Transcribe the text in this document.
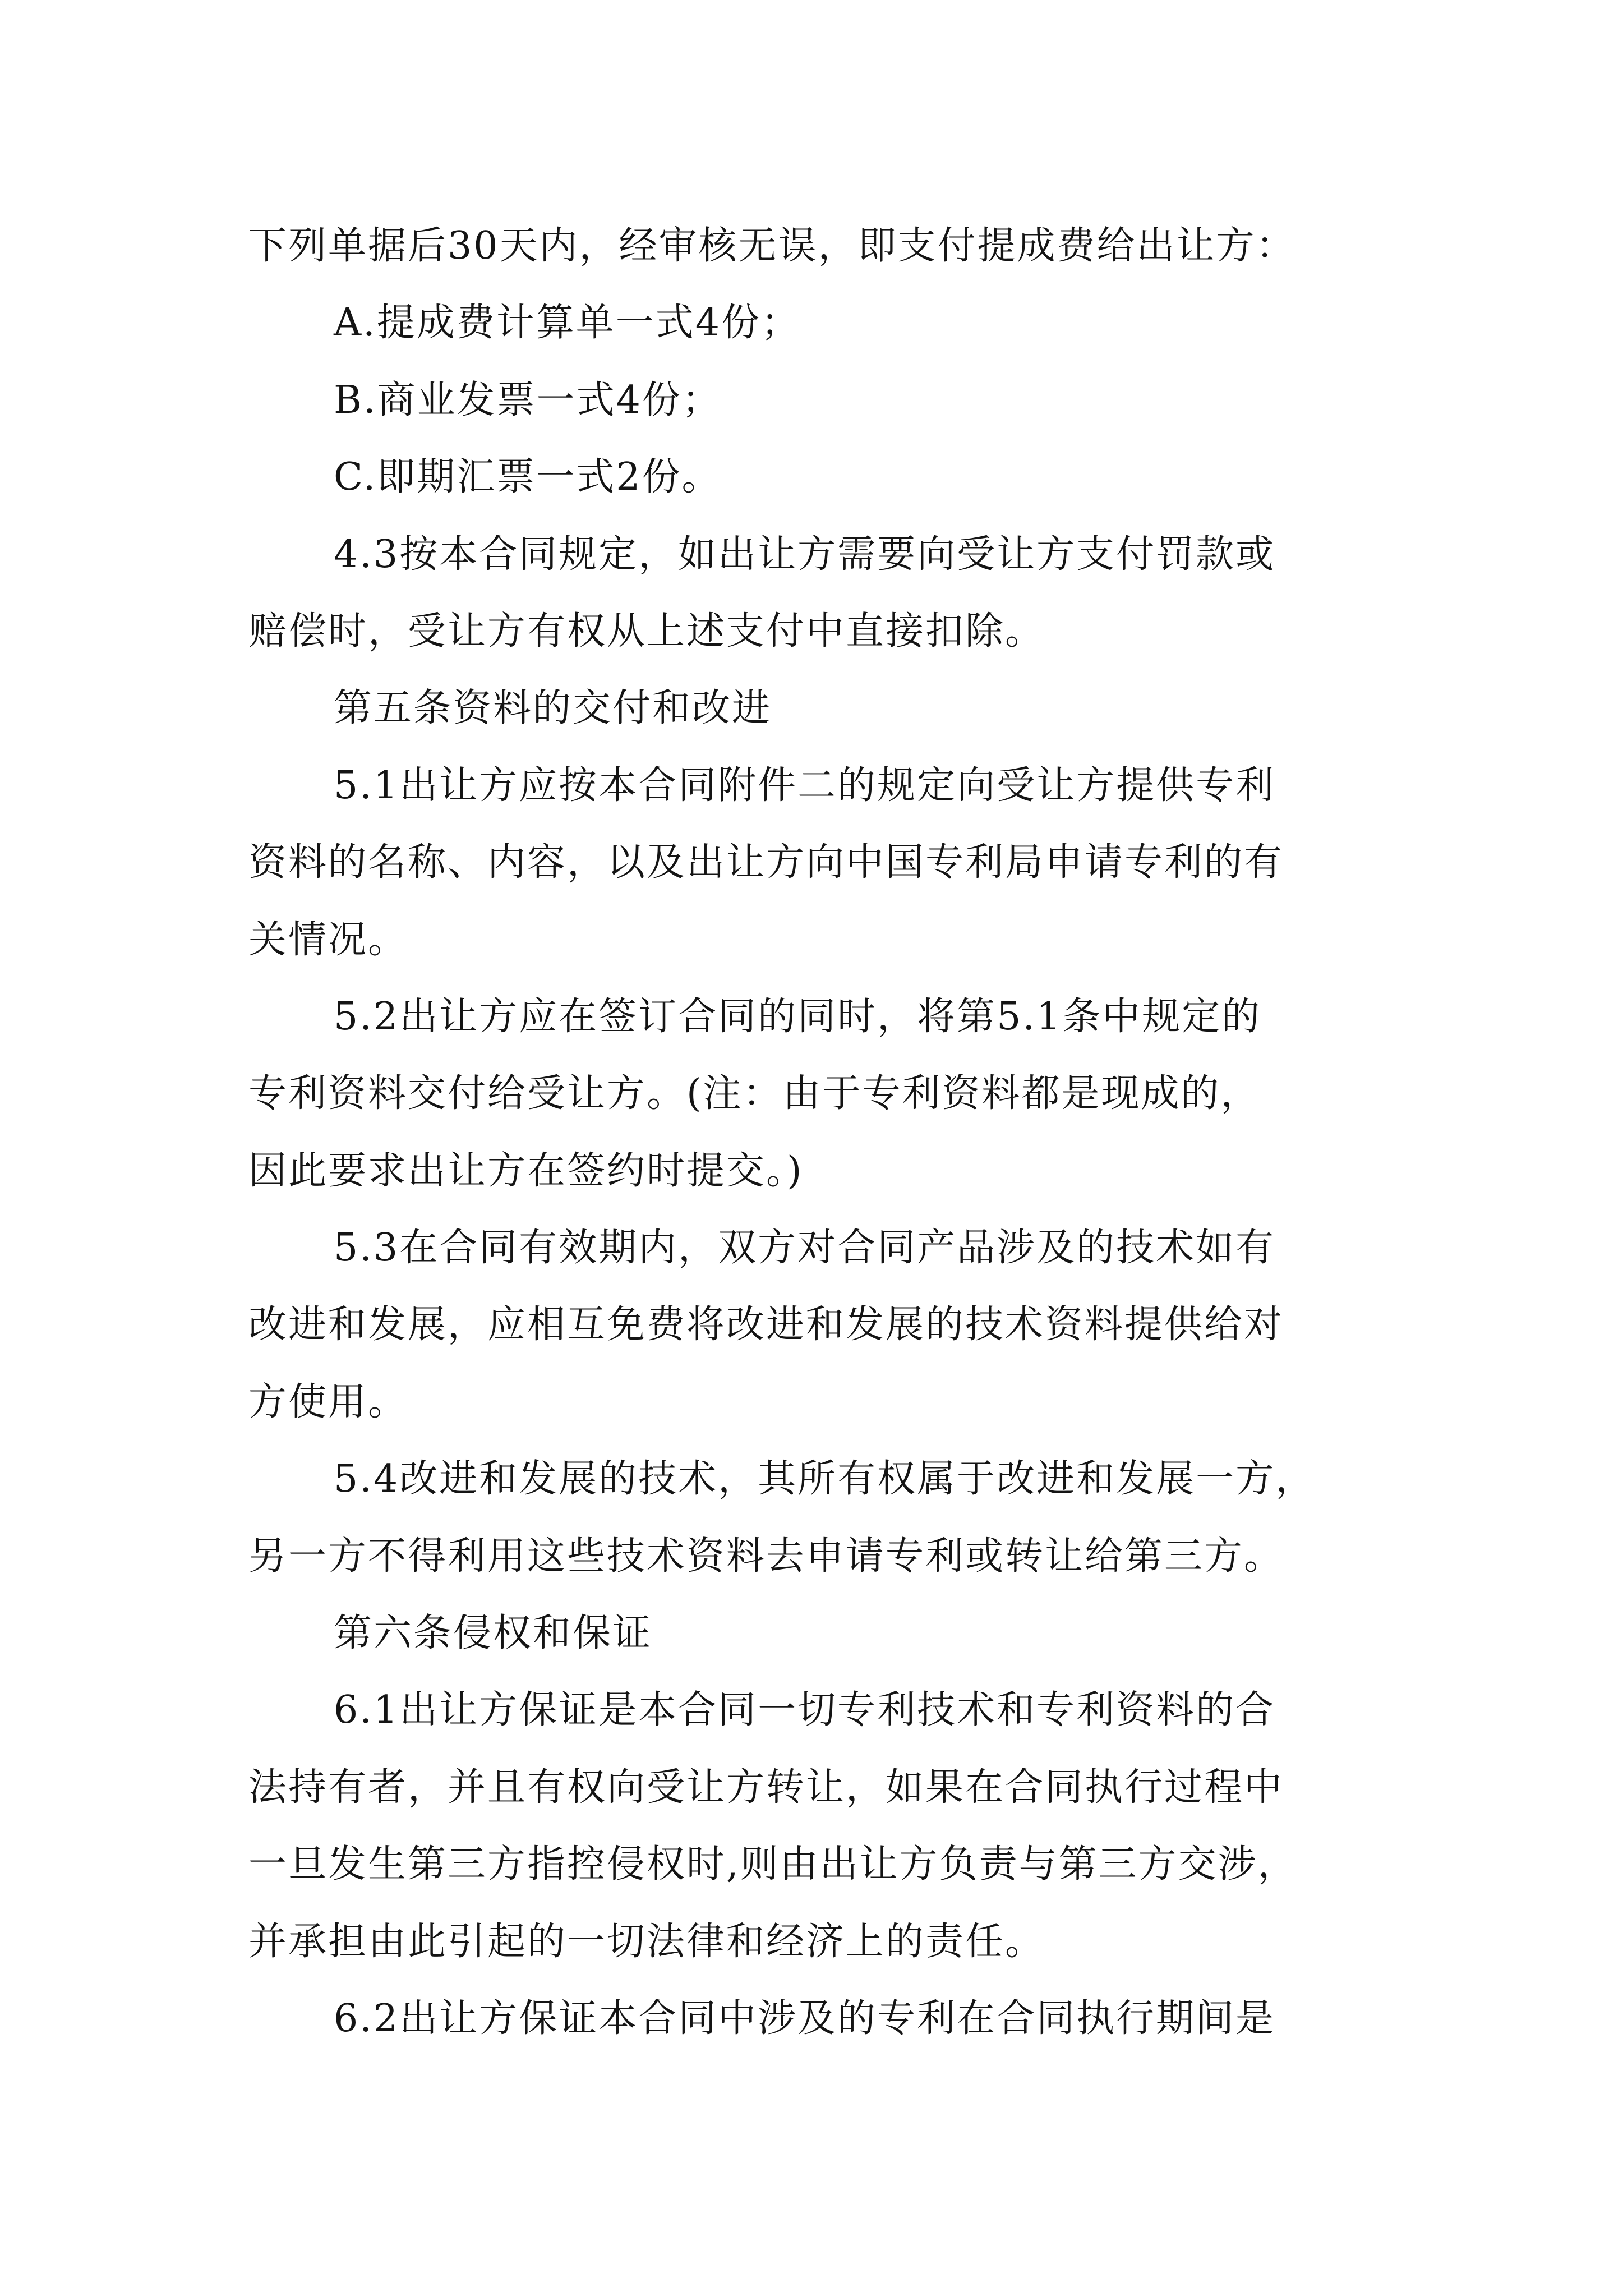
下列单据后30天内，经审核无误，即支付提成费给出让方：
A.提成费计算单一式4份；
B.商业发票一式4份；
C.即期汇票一式2份。
4.3按本合同规定，如出让方需要向受让方支付罚款或
赔偿时，受让方有权从上述支付中直接扣除。
第五条资料的交付和改进
5.1出让方应按本合同附件二的规定向受让方提供专利
资料的名称、内容，以及出让方向中国专利局申请专利的有
关情况。
5.2出让方应在签订合同的同时，将第5.1条中规定的
专利资料交付给受让方。(注：由于专利资料都是现成的，
因此要求出让方在签约时提交。)
5.3在合同有效期内，双方对合同产品涉及的技术如有
改进和发展，应相互免费将改进和发展的技术资料提供给对
方使用。
5.4改进和发展的技术，其所有权属于改进和发展一方，
另一方不得利用这些技术资料去申请专利或转让给第三方。
第六条侵权和保证
6.1出让方保证是本合同一切专利技术和专利资料的合
法持有者，并且有权向受让方转让，如果在合同执行过程中
一旦发生第三方指控侵权时,则由出让方负责与第三方交涉，
并承担由此引起的一切法律和经济上的责任。
6.2出让方保证本合同中涉及的专利在合同执行期间是
